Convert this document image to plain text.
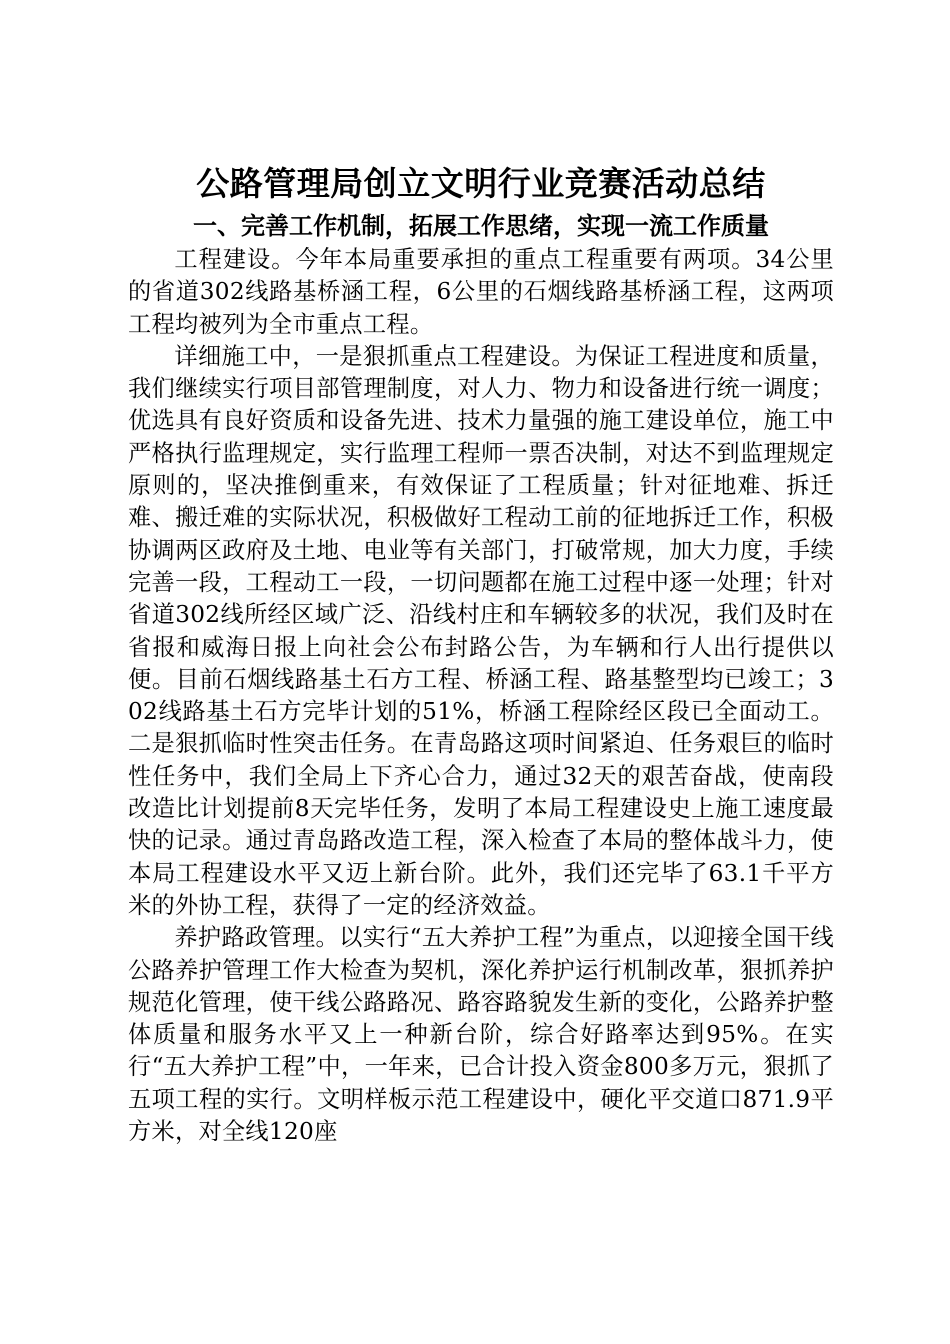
公路管理局创立文明行业竞赛活动总结
一、完善工作机制，拓展工作思绪，实现一流工作质量

工程建设。今年本局重要承担的重点工程重要有两项。34公里的省道302线路基桥涵工程，6公里的石烟线路基桥涵工程，这两项工程均被列为全市重点工程。

详细施工中，一是狠抓重点工程建设。为保证工程进度和质量，我们继续实行项目部管理制度，对人力、物力和设备进行统一调度；优选具有良好资质和设备先进、技术力量强的施工建设单位，施工中严格执行监理规定，实行监理工程师一票否决制，对达不到监理规定原则的，坚决推倒重来，有效保证了工程质量；针对征地难、拆迁难、搬迁难的实际状况，积极做好工程动工前的征地拆迁工作，积极协调两区政府及土地、电业等有关部门，打破常规，加大力度，手续完善一段，工程动工一段，一切问题都在施工过程中逐一处理；针对省道302线所经区域广泛、沿线村庄和车辆较多的状况，我们及时在省报和威海日报上向社会公布封路公告，为车辆和行人出行提供以便。目前石烟线路基土石方工程、桥涵工程、路基整型均已竣工；302线路基土石方完毕计划的51%，桥涵工程除经区段已全面动工。二是狠抓临时性突击任务。在青岛路这项时间紧迫、任务艰巨的临时性任务中，我们全局上下齐心合力，通过32天的艰苦奋战，使南段改造比计划提前8天完毕任务，发明了本局工程建设史上施工速度最快的记录。通过青岛路改造工程，深入检查了本局的整体战斗力，使本局工程建设水平又迈上新台阶。此外，我们还完毕了63.1千平方米的外协工程，获得了一定的经济效益。

养护路政管理。以实行“五大养护工程”为重点，以迎接全国干线公路养护管理工作大检查为契机，深化养护运行机制改革，狠抓养护规范化管理，使干线公路路况、路容路貌发生新的变化，公路养护整体质量和服务水平又上一种新台阶，综合好路率达到95%。在实行“五大养护工程”中，一年来，已合计投入资金800多万元，狠抓了五项工程的实行。文明样板示范工程建设中，硬化平交道口871.9平方米，对全线120座
